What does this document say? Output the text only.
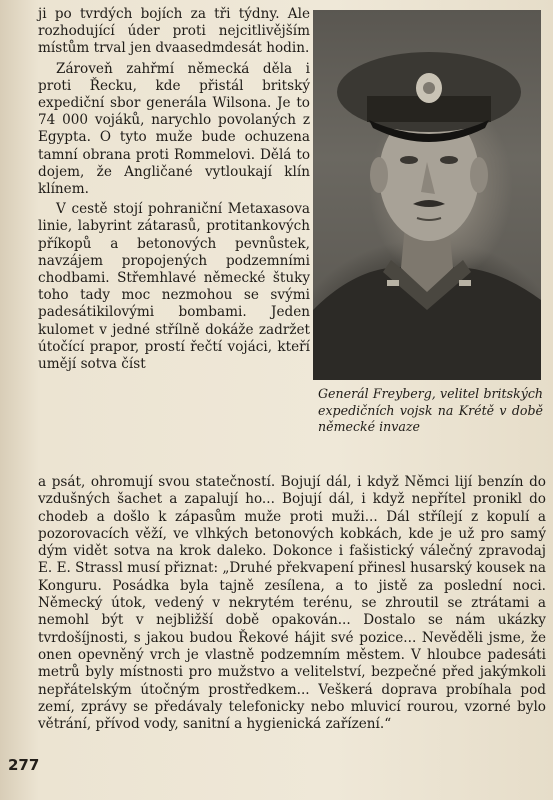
ji po tvrdých bojích za tři týdny. Ale rozhodující úder proti nejcitlivějším místům trval jen dvaasedmdesát hodin.

Zároveň zahřmí německá děla i proti Řecku, kde přistál britský expediční sbor generála Wilsona. Je to 74 000 vojáků, narychlo povolaných z Egypta. O tyto muže bude ochuzena tamní obrana proti Rommelovi. Dělá to dojem, že Angličané vytloukají klín klínem.

V cestě stojí pohraniční Metaxasova linie, labyrint zátarasů, protitankových příkopů a betonových pevnůstek, navzájem propojených podzemními chodbami. Střemhlavé německé štuky toho tady moc nezmohou se svými padesátikilovými bombami. Jeden kulomet v jedné střílně dokáže zadržet útočící prapor, prostí řečtí vojáci, kteří umějí sotva číst

Generál Freyberg, velitel britských expedičních vojsk na Krétě v době německé invaze

a psát, ohromují svou statečností. Bojují dál, i když Němci lijí benzín do vzdušných šachet a zapalují ho... Bojují dál, i když nepřítel pronikl do chodeb a došlo k zápasům muže proti muži... Dál střílejí z kopulí a pozorovacích věží, ve vlhkých betonových kobkách, kde je už pro samý dým vidět sotva na krok daleko. Dokonce i fašistický válečný zpravodaj E. E. Strassl musí přiznat: „Druhé překvapení přinesl husarský kousek na Konguru. Posádka byla tajně zesílena, a to jistě za poslední noci. Německý útok, vedený v nekrytém terénu, se zhroutil se ztrátami a nemohl být v nejbližší době opakován... Dostalo se nám ukázky tvrdošíjnosti, s jakou budou Řekové hájit své pozice... Nevěděli jsme, že onen opevněný vrch je vlastně podzemním městem. V hloubce padesáti metrů byly místnosti pro mužstvo a velitelství, bezpečné před jakýmkoli nepřátelským útočným prostředkem... Veškerá doprava probíhala pod zemí, zprávy se předávaly telefonicky nebo mluvicí rourou, vzorné bylo větrání, přívod vody, sanitní a hygienická zařízení.“

277
